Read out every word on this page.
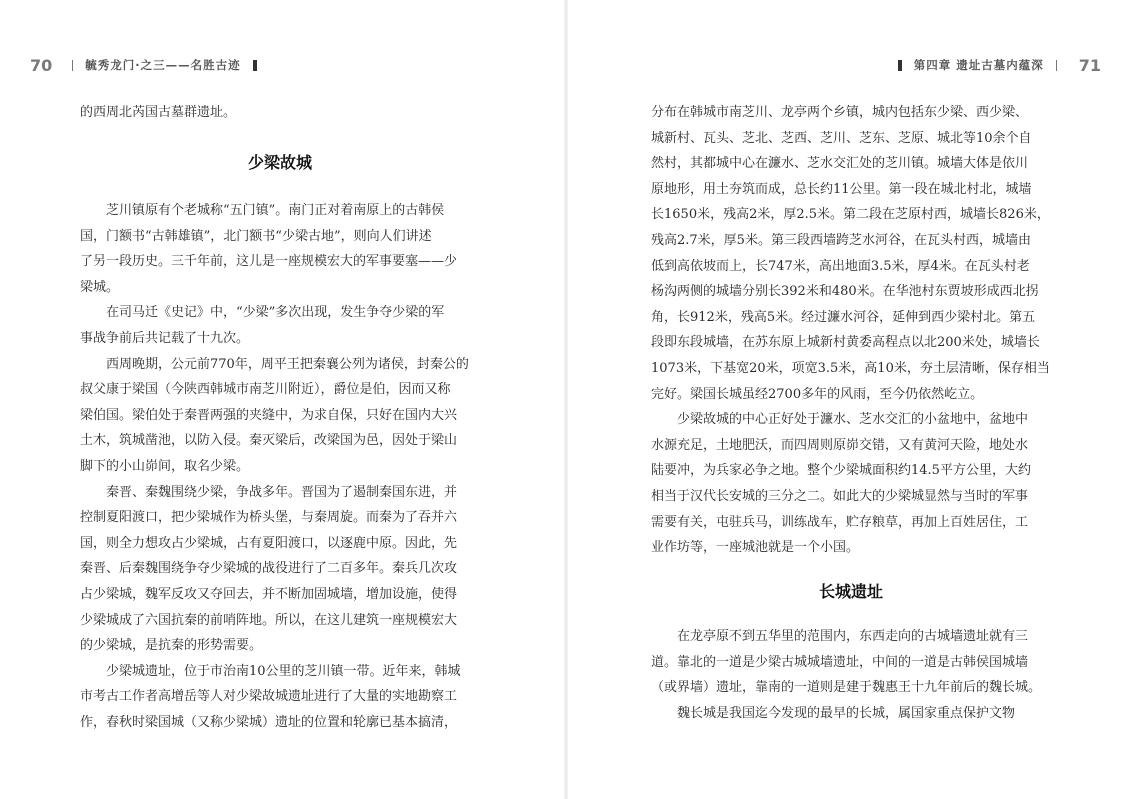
70	毓秀龙门·之三——名胜古迹
的西周北芮国古墓群遗址。
少梁故城
　　芝川镇原有个老城称“五门镇”。南门正对着南原上的古韩侯
国，门额书“古韩雄镇”，北门额书“少梁古地”，则向人们讲述
了另一段历史。三千年前，这儿是一座规模宏大的军事要塞——少
梁城。
　　在司马迁《史记》中，“少梁”多次出现，发生争夺少梁的军
事战争前后共记载了十九次。
　　西周晚期，公元前770年，周平王把秦襄公列为诸侯，封秦公的
叔父康于梁国（今陕西韩城市南芝川附近），爵位是伯，因而又称
梁伯国。梁伯处于秦晋两强的夹缝中，为求自保，只好在国内大兴
土木，筑城凿池，以防入侵。秦灭梁后，改梁国为邑，因处于梁山
脚下的小山峁间，取名少梁。
　　秦晋、秦魏围绕少梁，争战多年。晋国为了遏制秦国东进，并
控制夏阳渡口，把少梁城作为桥头堡，与秦周旋。而秦为了吞并六
国，则全力想攻占少梁城，占有夏阳渡口，以逐鹿中原。因此，先
秦晋、后秦魏围绕争夺少梁城的战役进行了二百多年。秦兵几次攻
占少梁城，魏军反攻又夺回去，并不断加固城墙，增加设施，使得
少梁城成了六国抗秦的前哨阵地。所以，在这儿建筑一座规模宏大
的少梁城，是抗秦的形势需要。
　　少梁城遗址，位于市治南10公里的芝川镇一带。近年来，韩城
市考古工作者高增岳等人对少梁故城遗址进行了大量的实地勘察工
作，春秋时梁国城（又称少梁城）遗址的位置和轮廓已基本搞清，
第四章 遗址古墓内蕴深 71
分布在韩城市南芝川、龙亭两个乡镇，城内包括东少梁、西少梁、
城新村、瓦头、芝北、芝西、芝川、芝东、芝原、城北等10余个自
然村，其都城中心在濂水、芝水交汇处的芝川镇。城墙大体是依川
原地形，用土夯筑而成，总长约11公里。第一段在城北村北，城墙
长1650米，残高2米，厚2.5米。第二段在芝原村西，城墙长826米，
残高2.7米，厚5米。第三段西墙跨芝水河谷，在瓦头村西，城墙由
低到高依坡而上，长747米，高出地面3.5米，厚4米。在瓦头村老
杨沟两侧的城墙分别长392米和480米。在华池村东贾坡形成西北拐
角，长912米，残高5米。经过濂水河谷，延伸到西少梁村北。第五
段即东段城墙，在苏东原上城新村黄委高程点以北200米处，城墙长
1073米，下基宽20米，项宽3.5米，高10米，夯土层清晰，保存相当
完好。梁国长城虽经2700多年的风雨，至今仍依然屹立。
　　少梁故城的中心正好处于濂水、芝水交汇的小盆地中，盆地中
水源充足，土地肥沃，而四周则原峁交错，又有黄河天险，地处水
陆要冲，为兵家必争之地。整个少梁城面积约14.5平方公里，大约
相当于汉代长安城的三分之二。如此大的少梁城显然与当时的军事
需要有关，屯驻兵马，训练战车，贮存粮草，再加上百姓居住，工
业作坊等，一座城池就是一个小国。
长城遗址
　　在龙亭原不到五华里的范围内，东西走向的古城墙遗址就有三
道。靠北的一道是少梁古城城墙遗址，中间的一道是古韩侯国城墙
（或界墙）遗址，靠南的一道则是建于魏惠王十九年前后的魏长城。
　　魏长城是我国迄今发现的最早的长城，属国家重点保护文物
